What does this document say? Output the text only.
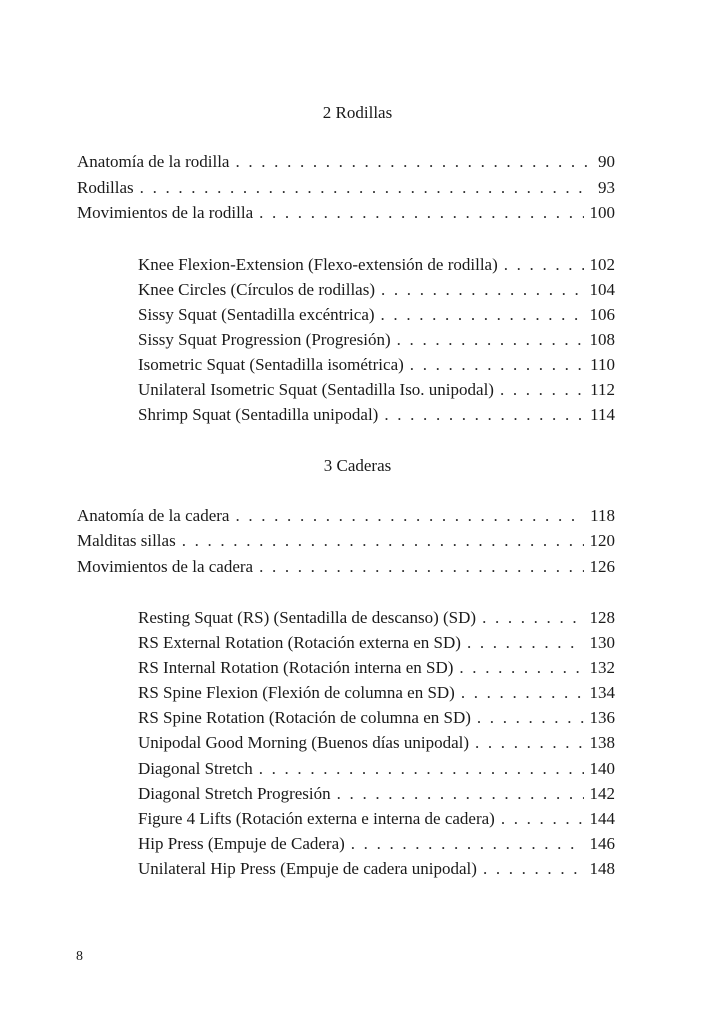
2 Rodillas
Anatomía de la rodilla . . .	90
Rodillas . . .	93
Movimientos de la rodilla . . .	100
Knee Flexion-Extension (Flexo-extensión de rodilla) . . .	102
Knee Circles (Círculos de rodillas) . . .	104
Sissy Squat (Sentadilla excéntrica) . . .	106
Sissy Squat Progression (Progresión) . . .	108
Isometric Squat (Sentadilla isométrica) . . .	110
Unilateral Isometric Squat (Sentadilla Iso. unipodal) . . .	112
Shrimp Squat (Sentadilla unipodal) . . .	114
3 Caderas
Anatomía de la cadera . . .	118
Malditas sillas . . .	120
Movimientos de la cadera . . .	126
Resting Squat (RS) (Sentadilla de descanso) (SD) . . .	128
RS External Rotation (Rotación externa en SD) . . .	130
RS Internal Rotation (Rotación interna en SD) . . .	132
RS Spine Flexion (Flexión de columna en SD) . . .	134
RS Spine Rotation (Rotación de columna en SD) . . .	136
Unipodal Good Morning (Buenos días unipodal) . . .	138
Diagonal Stretch . . .	140
Diagonal Stretch Progresión . . .	142
Figure 4 Lifts (Rotación externa e interna de cadera) . . .	144
Hip Press (Empuje de Cadera) . . .	146
Unilateral Hip Press (Empuje de cadera unipodal) . . .	148
8
